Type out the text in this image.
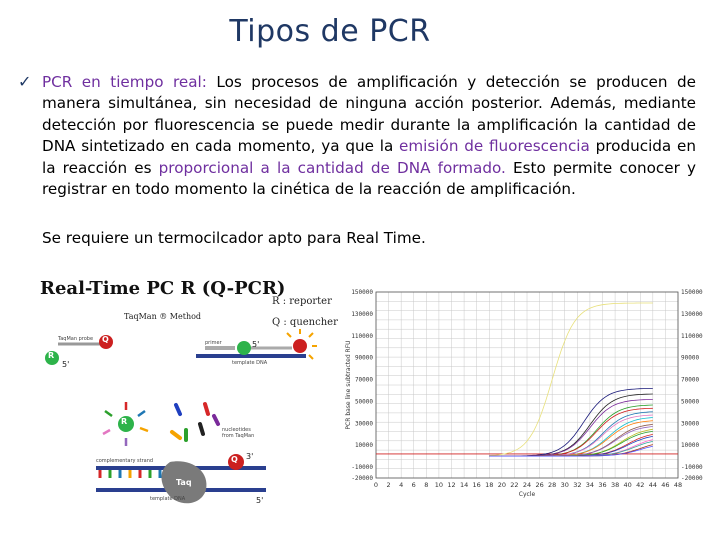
Tipos de PCR
✓ PCR en tiempo real: Los procesos de amplificación y detección se producen de manera simultánea, sin necesidad de ninguna acción posterior. Además, mediante detección por fluorescencia se puede medir durante la amplificación la cantidad de DNA sintetizado en cada momento, ya que la emisión de fluorescencia producida en la reacción es proporcional a la cantidad de DNA formado. Esto permite conocer y registrar en todo momento la cinética de la reacción de amplificación.
Se requiere un termocilcador apto para Real Time.
Real-Time PC R (Q-PCR)
R : reporter
Q : quencher
TaqMan ® Method
R
Q
R
Q
Taq
TaqMan probe
primer
template DNA
nucleotides
from TaqMan
complementary strand
template DNA
5'
5'
3'
5'
150000
130000
110000
90000
70000
50000
30000
10000
-10000
-20000
150000
130000
110000
90000
70000
50000
30000
10000
-10000
-20000
0 2 4 6 8 10 12 14 16 18 20 22 24 26 28 30 32 34 36 38 40 42 44 46 48
Cycle
PCR base line subtracted RFU
